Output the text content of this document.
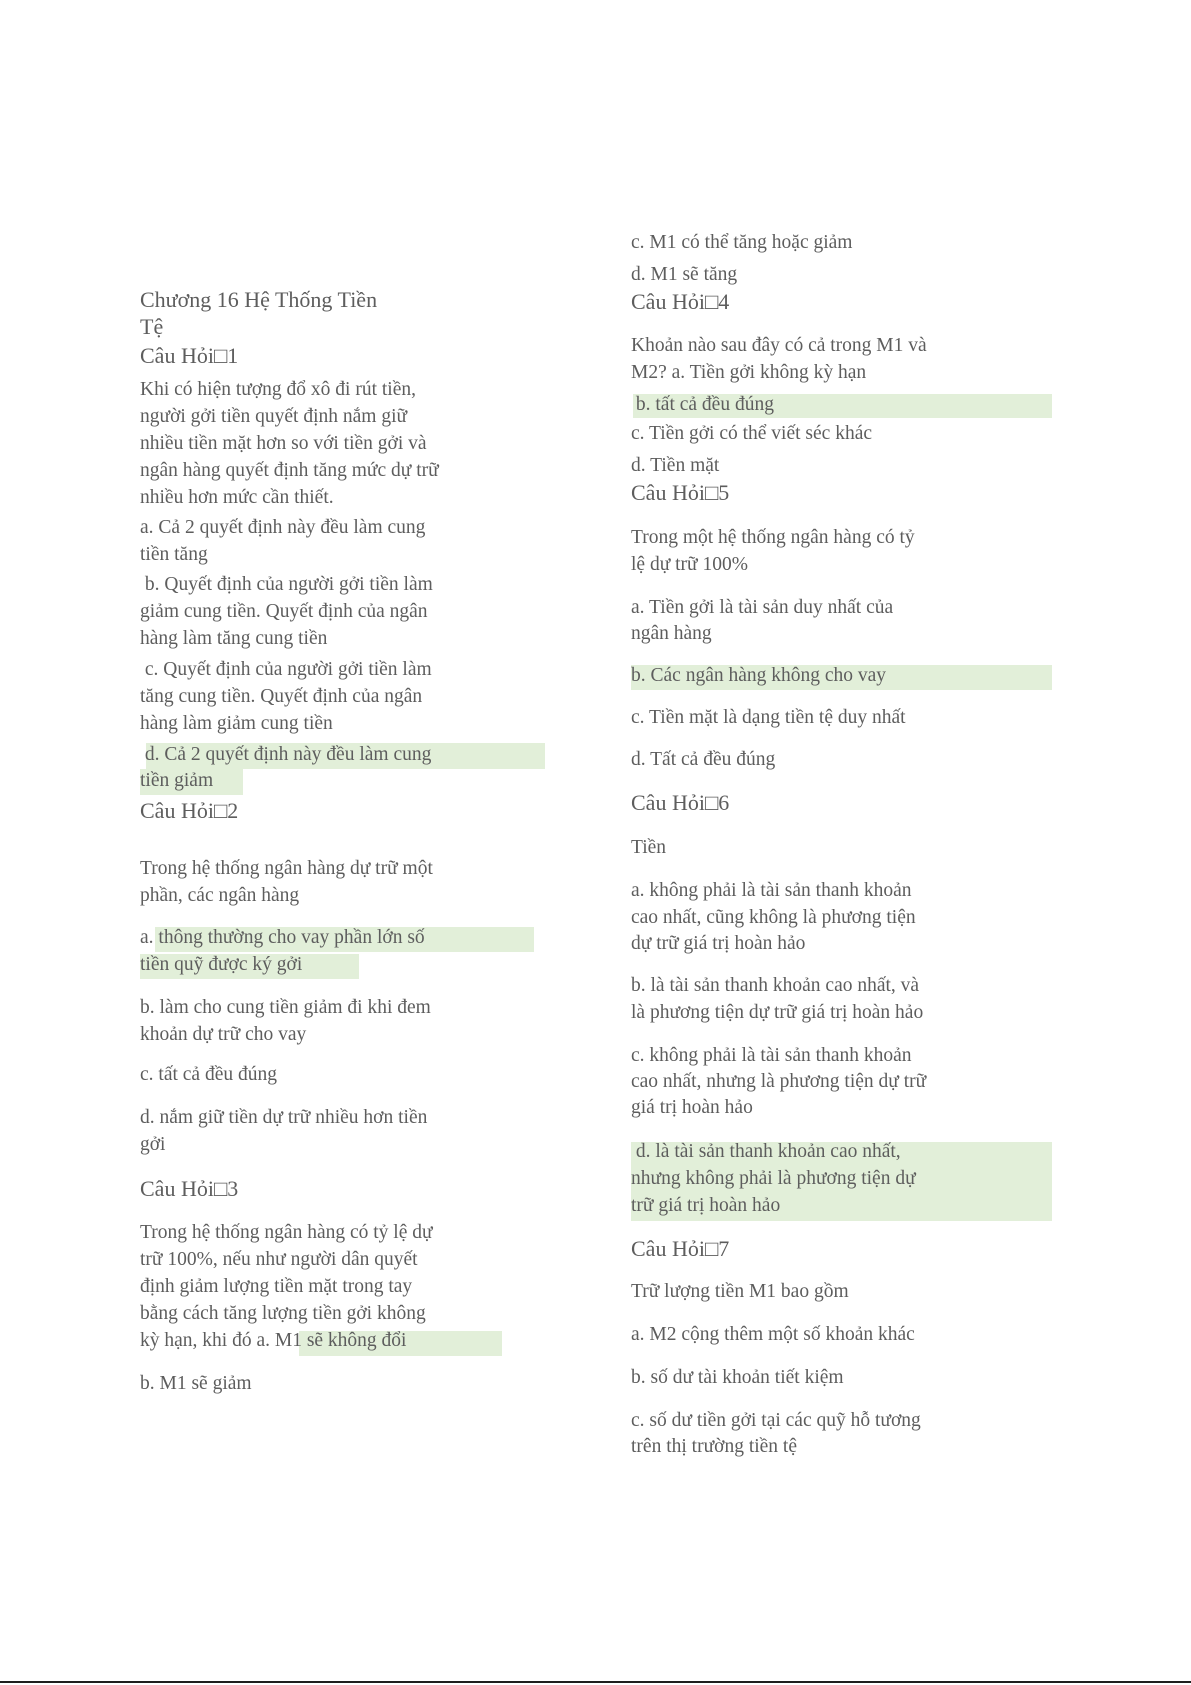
Chương 16 Hệ Thống Tiền
Tệ
Câu Hỏi□1
Khi có hiện tượng đổ xô đi rút tiền,
người gởi tiền quyết định nắm giữ
nhiều tiền mặt hơn so với tiền gởi và
ngân hàng quyết định tăng mức dự trữ
nhiều hơn mức cần thiết.
a. Cả 2 quyết định này đều làm cung
tiền tăng
b. Quyết định của người gởi tiền làm
giảm cung tiền. Quyết định của ngân
hàng làm tăng cung tiền
c. Quyết định của người gởi tiền làm
tăng cung tiền. Quyết định của ngân
hàng làm giảm cung tiền
d. Cả 2 quyết định này đều làm cung
tiền giảm
Câu Hỏi□2
Trong hệ thống ngân hàng dự trữ một
phần, các ngân hàng
a. thông thường cho vay phần lớn số
tiền quỹ được ký gởi
b. làm cho cung tiền giảm đi khi đem
khoản dự trữ cho vay
c. tất cả đều đúng
d. nắm giữ tiền dự trữ nhiều hơn tiền
gởi
Câu Hỏi□3
Trong hệ thống ngân hàng có tỷ lệ dự
trữ 100%, nếu như người dân quyết
định giảm lượng tiền mặt trong tay
bằng cách tăng lượng tiền gởi không
kỳ hạn, khi đó a. M1 sẽ không đổi
b. M1 sẽ giảm
c. M1 có thể tăng hoặc giảm
d. M1 sẽ tăng
Câu Hỏi□4
Khoản nào sau đây có cả trong M1 và
M2? a. Tiền gởi không kỳ hạn
b. tất cả đều đúng
c. Tiền gởi có thể viết séc khác
d. Tiền mặt
Câu Hỏi□5
Trong một hệ thống ngân hàng có tỷ
lệ dự trữ 100%
a. Tiền gởi là tài sản duy nhất của
ngân hàng
b. Các ngân hàng không cho vay
c. Tiền mặt là dạng tiền tệ duy nhất
d. Tất cả đều đúng
Câu Hỏi□6
Tiền
a. không phải là tài sản thanh khoản
cao nhất, cũng không là phương tiện
dự trữ giá trị hoàn hảo
b. là tài sản thanh khoản cao nhất, và
là phương tiện dự trữ giá trị hoàn hảo
c. không phải là tài sản thanh khoản
cao nhất, nhưng là phương tiện dự trữ
giá trị hoàn hảo
d. là tài sản thanh khoản cao nhất,
nhưng không phải là phương tiện dự
trữ giá trị hoàn hảo
Câu Hỏi□7
Trữ lượng tiền M1 bao gồm
a. M2 cộng thêm một số khoản khác
b. số dư tài khoản tiết kiệm
c. số dư tiền gởi tại các quỹ hỗ tương
trên thị trường tiền tệ
